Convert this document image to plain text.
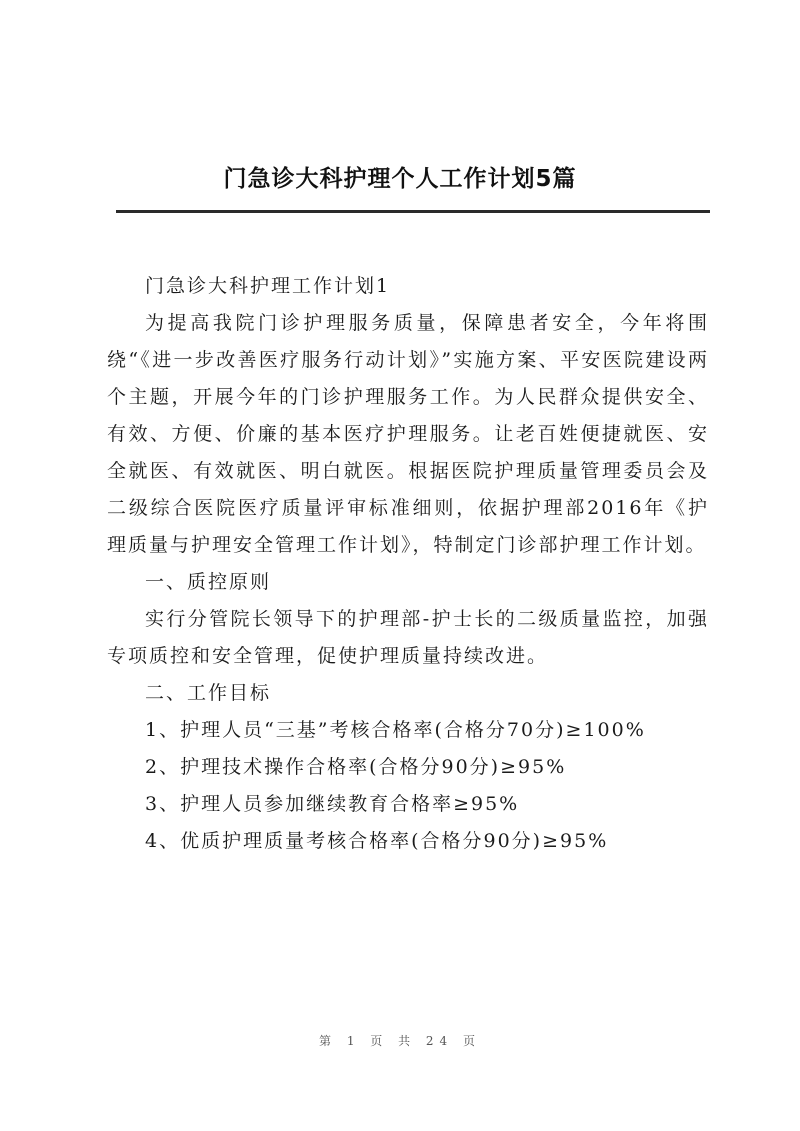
门急诊大科护理个人工作计划5篇

门急诊大科护理工作计划1

为提高我院门诊护理服务质量，保障患者安全，今年将围绕“《进一步改善医疗服务行动计划》”实施方案、平安医院建设两个主题，开展今年的门诊护理服务工作。为人民群众提供安全、有效、方便、价廉的基本医疗护理服务。让老百姓便捷就医、安全就医、有效就医、明白就医。根据医院护理质量管理委员会及二级综合医院医疗质量评审标准细则，依据护理部2016年《护理质量与护理安全管理工作计划》，特制定门诊部护理工作计划。

一、质控原则

实行分管院长领导下的护理部-护士长的二级质量监控，加强专项质控和安全管理，促使护理质量持续改进。

二、工作目标

1、护理人员“三基”考核合格率(合格分70分)≥100%

2、护理技术操作合格率(合格分90分)≥95%

3、护理人员参加继续教育合格率≥95%

4、优质护理质量考核合格率(合格分90分)≥95%

第 1 页 共 24 页
